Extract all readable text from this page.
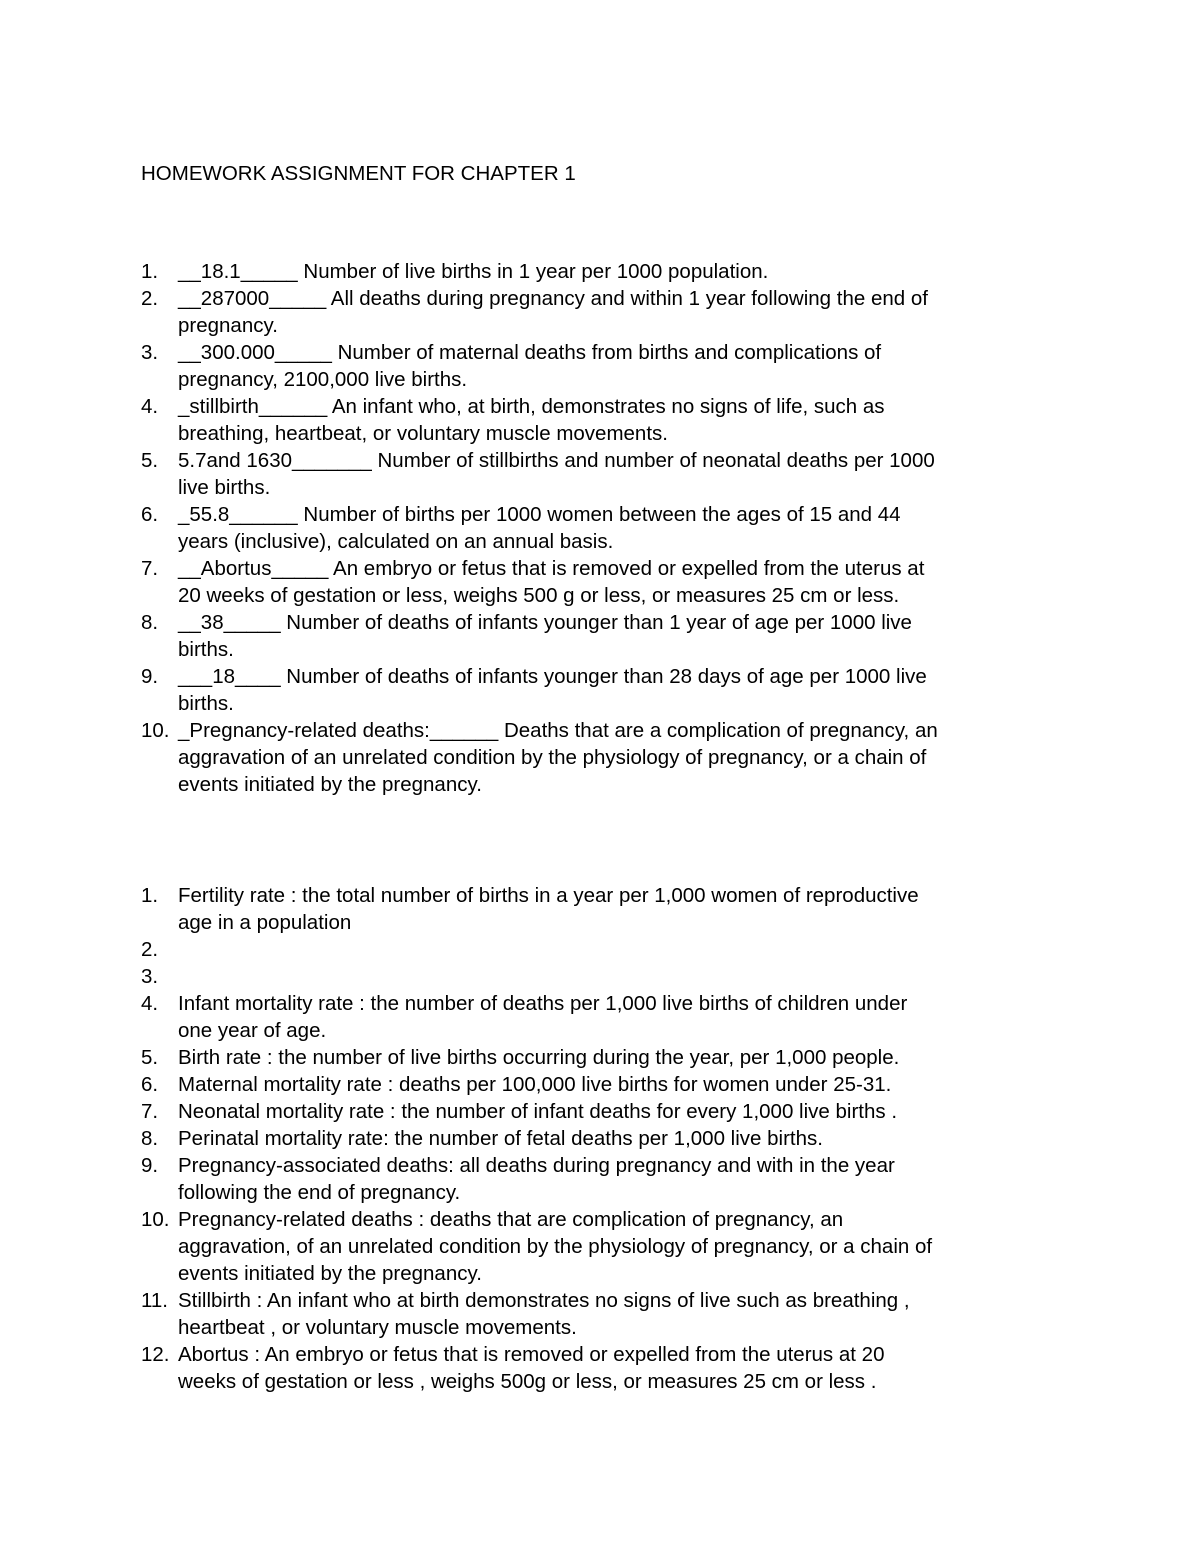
HOMEWORK ASSIGNMENT FOR CHAPTER 1
1. __18.1_____ Number of live births in 1 year per 1000 population.
2. __287000_____ All deaths during pregnancy and within 1 year following the end of
pregnancy.
3. __300.000_____ Number of maternal deaths from births and complications of
pregnancy, 2100,000 live births.
4. _stillbirth______ An infant who, at birth, demonstrates no signs of life, such as
breathing, heartbeat, or voluntary muscle movements.
5. 5.7and 1630_______ Number of stillbirths and number of neonatal deaths per 1000
live births.
6. _55.8______ Number of births per 1000 women between the ages of 15 and 44
years (inclusive), calculated on an annual basis.
7. __Abortus_____ An embryo or fetus that is removed or expelled from the uterus at
20 weeks of gestation or less, weighs 500 g or less, or measures 25 cm or less.
8. __38_____ Number of deaths of infants younger than 1 year of age per 1000 live
births.
9. ___18____ Number of deaths of infants younger than 28 days of age per 1000 live
births.
10. _Pregnancy-related deaths:______ Deaths that are a complication of pregnancy, an
aggravation of an unrelated condition by the physiology of pregnancy, or a chain of
events initiated by the pregnancy.
1. Fertility rate : the total number of births in a year per 1,000 women of reproductive
age in a population
2.

3.

4. Infant mortality rate : the number of deaths per 1,000 live births of children under
one year of age.
5. Birth rate : the number of live births occurring during the year, per 1,000 people.
6. Maternal mortality rate : deaths per 100,000 live births for women under 25-31.
7. Neonatal mortality rate : the number of infant deaths for every 1,000 live births .
8. Perinatal mortality rate: the number of fetal deaths per 1,000 live births.
9. Pregnancy-associated deaths: all deaths during pregnancy and with in the year
following the end of pregnancy.
10. Pregnancy-related deaths : deaths that are complication of pregnancy, an
aggravation, of an unrelated condition by the physiology of pregnancy, or a chain of
events initiated by the pregnancy.
11. Stillbirth : An infant who at birth demonstrates no signs of live such as breathing ,
heartbeat , or voluntary muscle movements.
12. Abortus : An embryo or fetus that is removed or expelled from the uterus at 20
weeks of gestation or less , weighs 500g or less, or measures 25 cm or less .
